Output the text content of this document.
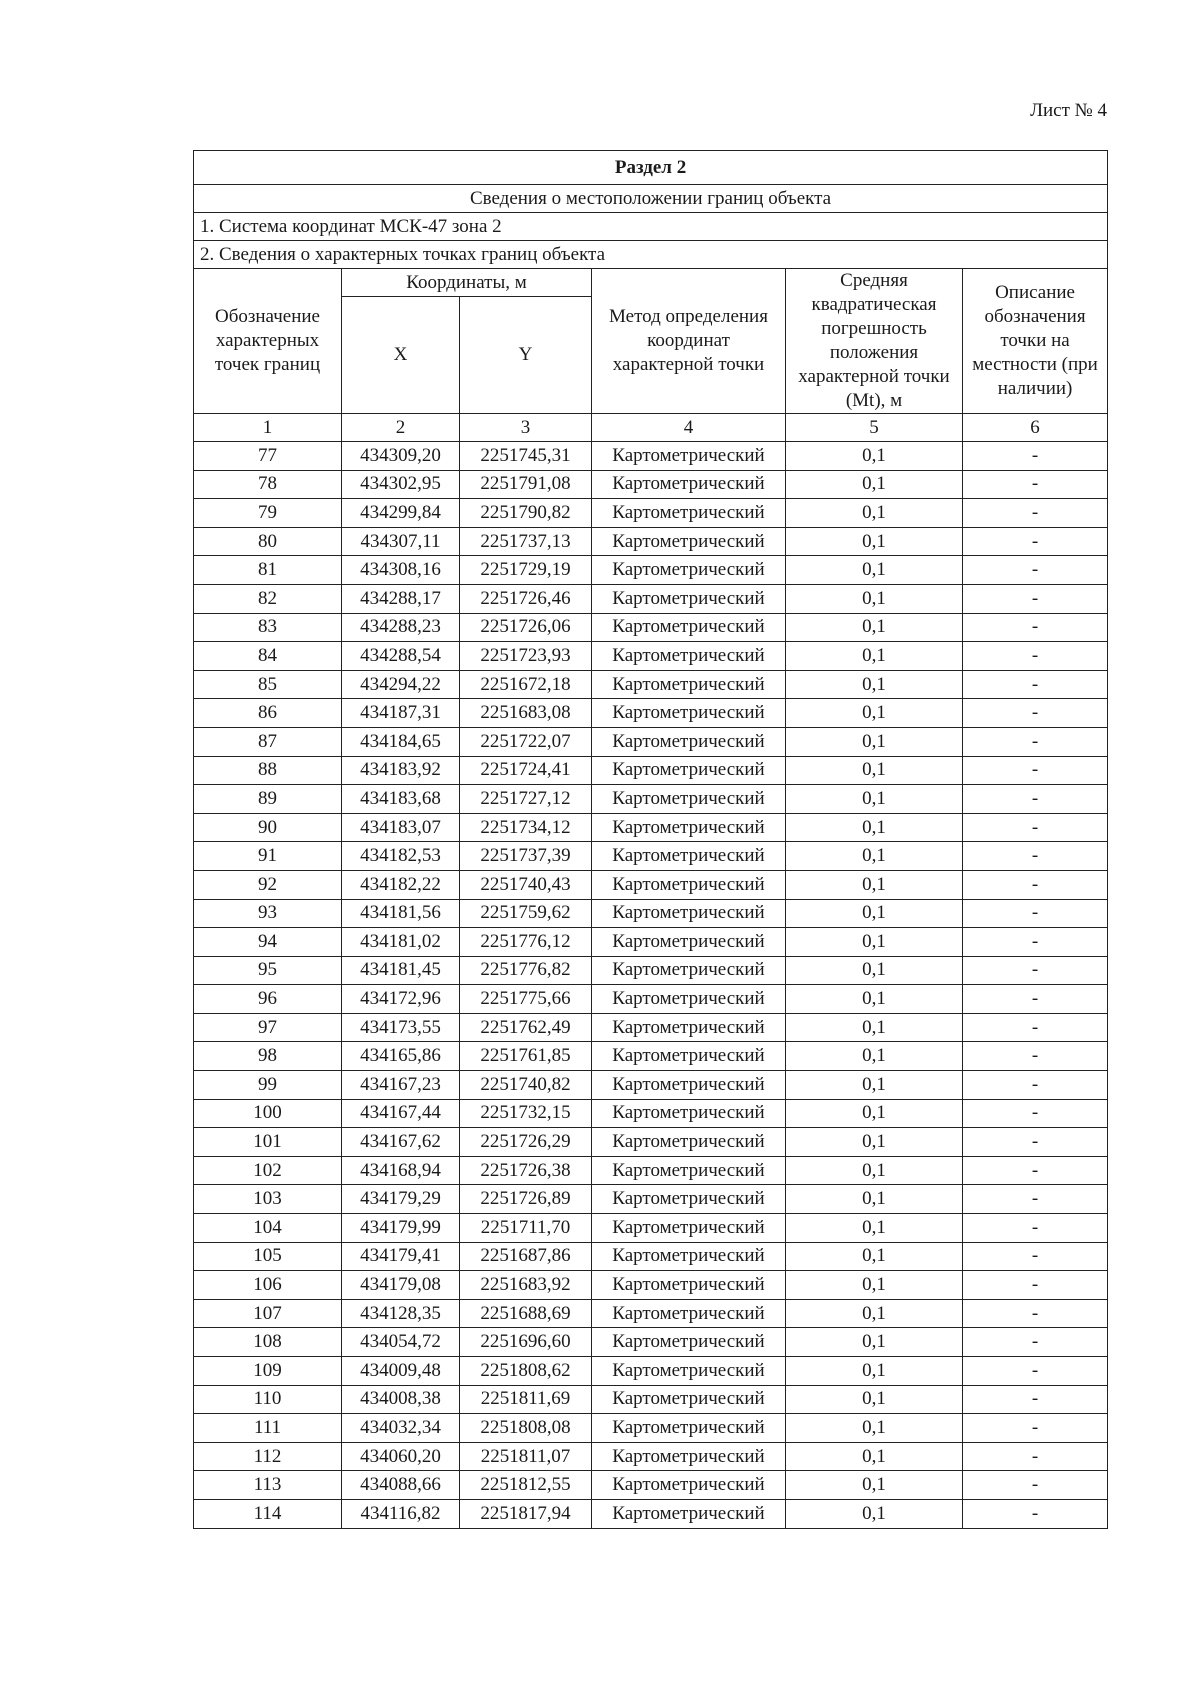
Лист № 4
Раздел 2					
Сведения о местоположении границ объекта					
1. Система координат МСК-47 зона 2					
2. Сведения о характерных точках границ объекта					
Обозначение характерных точек границ	Координаты, м		Метод определения координат характерной точки	Средняя квадратическая погрешность положения характерной точки (Mt), м	Описание обозначения точки на местности (при наличии)
	X	Y			
1	2	3	4	5	6
77	434309,20	2251745,31	Картометрический	0,1	-
78	434302,95	2251791,08	Картометрический	0,1	-
79	434299,84	2251790,82	Картометрический	0,1	-
80	434307,11	2251737,13	Картометрический	0,1	-
81	434308,16	2251729,19	Картометрический	0,1	-
82	434288,17	2251726,46	Картометрический	0,1	-
83	434288,23	2251726,06	Картометрический	0,1	-
84	434288,54	2251723,93	Картометрический	0,1	-
85	434294,22	2251672,18	Картометрический	0,1	-
86	434187,31	2251683,08	Картометрический	0,1	-
87	434184,65	2251722,07	Картометрический	0,1	-
88	434183,92	2251724,41	Картометрический	0,1	-
89	434183,68	2251727,12	Картометрический	0,1	-
90	434183,07	2251734,12	Картометрический	0,1	-
91	434182,53	2251737,39	Картометрический	0,1	-
92	434182,22	2251740,43	Картометрический	0,1	-
93	434181,56	2251759,62	Картометрический	0,1	-
94	434181,02	2251776,12	Картометрический	0,1	-
95	434181,45	2251776,82	Картометрический	0,1	-
96	434172,96	2251775,66	Картометрический	0,1	-
97	434173,55	2251762,49	Картометрический	0,1	-
98	434165,86	2251761,85	Картометрический	0,1	-
99	434167,23	2251740,82	Картометрический	0,1	-
100	434167,44	2251732,15	Картометрический	0,1	-
101	434167,62	2251726,29	Картометрический	0,1	-
102	434168,94	2251726,38	Картометрический	0,1	-
103	434179,29	2251726,89	Картометрический	0,1	-
104	434179,99	2251711,70	Картометрический	0,1	-
105	434179,41	2251687,86	Картометрический	0,1	-
106	434179,08	2251683,92	Картометрический	0,1	-
107	434128,35	2251688,69	Картометрический	0,1	-
108	434054,72	2251696,60	Картометрический	0,1	-
109	434009,48	2251808,62	Картометрический	0,1	-
110	434008,38	2251811,69	Картометрический	0,1	-
111	434032,34	2251808,08	Картометрический	0,1	-
112	434060,20	2251811,07	Картометрический	0,1	-
113	434088,66	2251812,55	Картометрический	0,1	-
114	434116,82	2251817,94	Картометрический	0,1	-
